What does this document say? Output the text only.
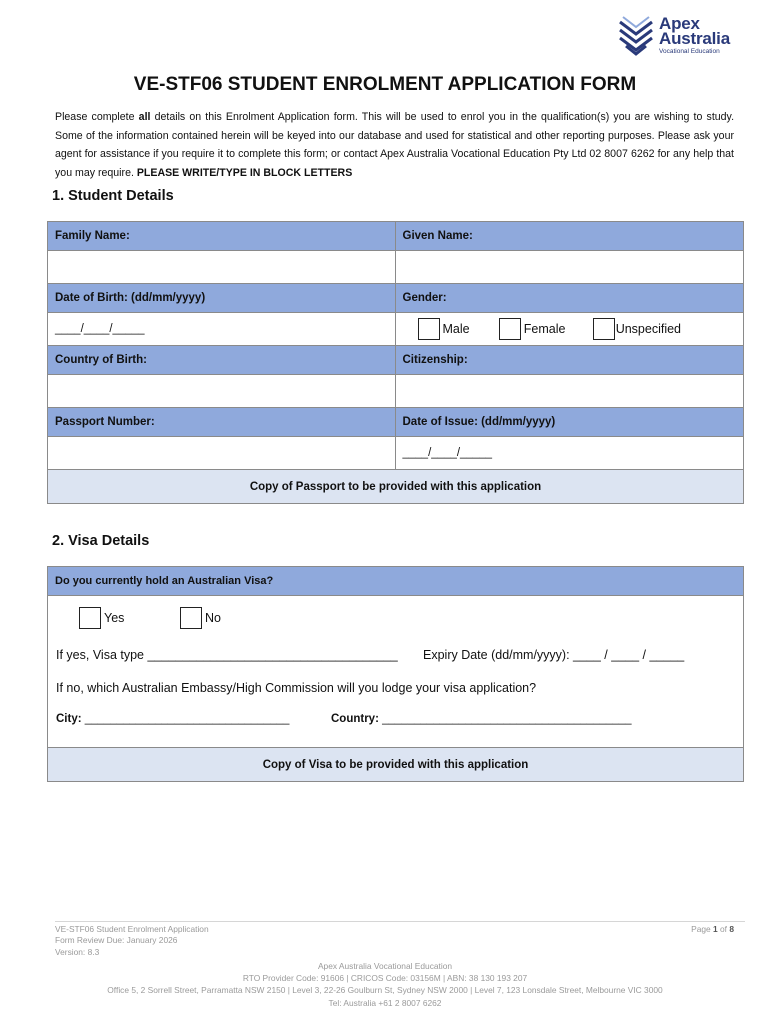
Apex
Australia
Vocational Education
VE-STF06 STUDENT ENROLMENT APPLICATION FORM
Please complete all details on this Enrolment Application form. This will be used to enrol you in the qualification(s) you are wishing to study. Some of the information contained herein will be keyed into our database and used for statistical and other reporting purposes. Please ask your agent for assistance if you require it to complete this form; or contact Apex Australia Vocational Education Pty Ltd 02 8007 6262 for any help that you may require. PLEASE WRITE/TYPE IN BLOCK LETTERS
1. Student Details
Family Name:	Given Name:

Date of Birth: (dd/mm/yyyy)	Gender:
____/____/_____	Male Female Unspecified
Country of Birth:	Citizenship:

Passport Number:	Date of Issue: (dd/mm/yyyy)
	____/____/_____
Copy of Passport to be provided with this application	
2. Visa Details
Do you currently hold an Australian Visa?

Yes	No
If yes, Visa type ____________________________________ Expiry Date (dd/mm/yyyy): ____ / ____ / _____
If no, which Australian Embassy/High Commission will you lodge your visa application?
City: ________________________________	Country: _______________________________________

Copy of Visa to be provided with this application
VE-STF06 Student Enrolment Application
Form Review Due: January 2026
Version: 8.3
Page 1 of 8
Apex Australia Vocational Education
RTO Provider Code: 91606 | CRICOS Code: 03156M | ABN: 38 130 193 207
Office 5, 2 Sorrell Street, Parramatta NSW 2150 | Level 3, 22-26 Goulburn St, Sydney NSW 2000 | Level 7, 123 Lonsdale Street, Melbourne VIC 3000
Tel: Australia +61 2 8007 6262
